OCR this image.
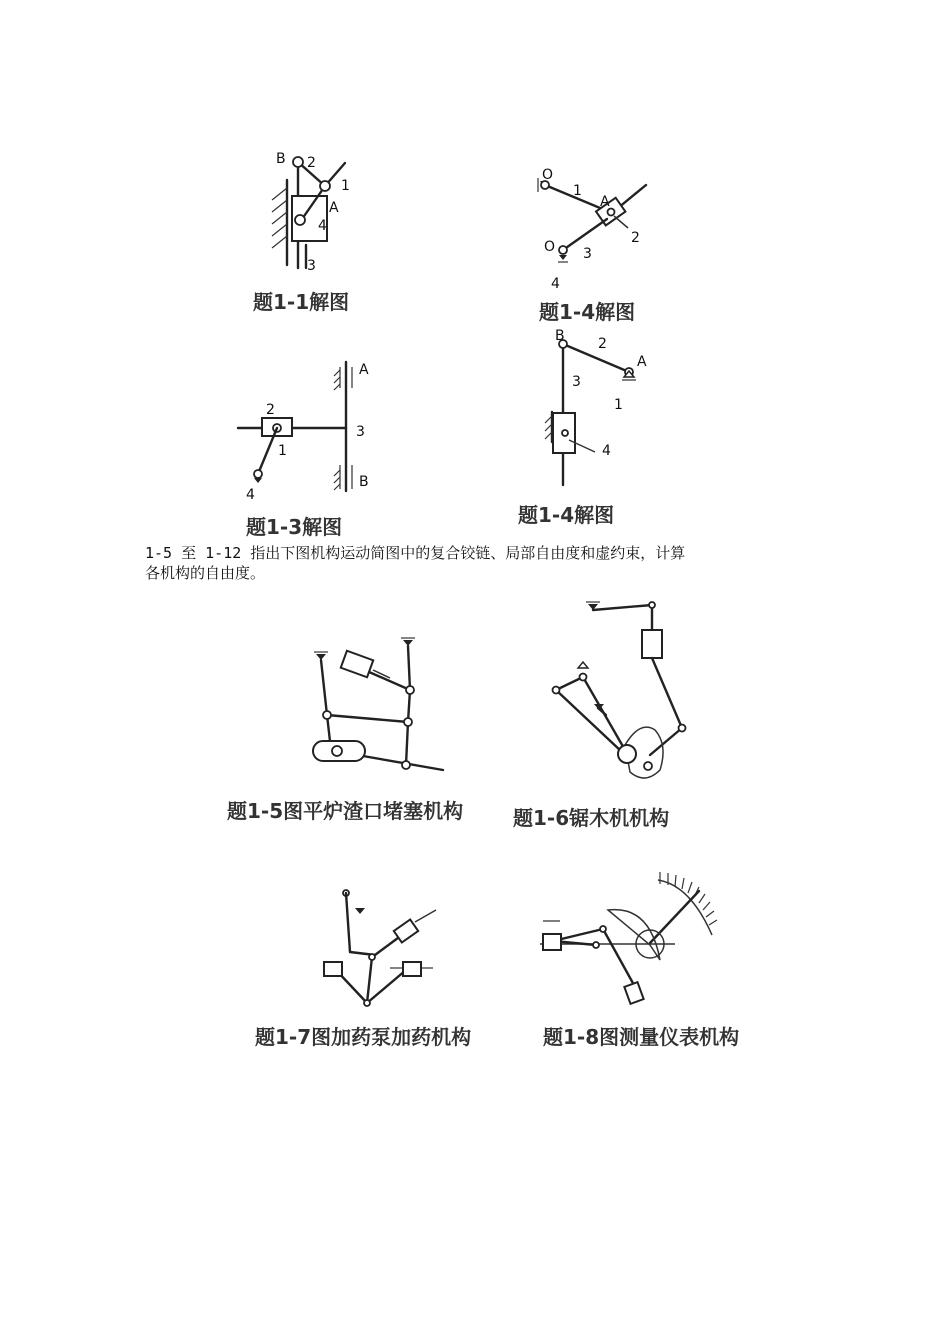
B 2
1
A
4
3
题1-1解图
O
1
A
2
O 3
4
题1-4解图
A
2
3
1
4
B
题1-3解图
B 2
A
3
1
4
题1-4解图
1-5 至 1-12 指出下图机构运动简图中的复合铰链、局部自由度和虚约束，计算
各机构的自由度。
题1-5图平炉渣口堵塞机构 题1-6锯木机机构
题1-7图加药泵加药机构	题1-8图测量仪表机构
